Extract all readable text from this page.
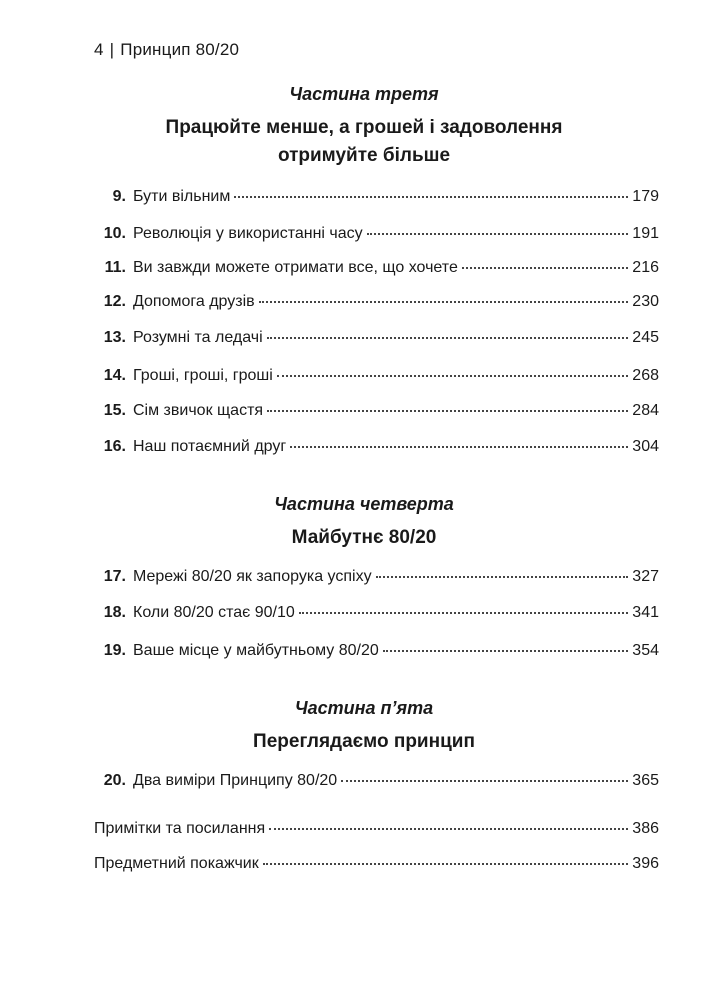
4 | Принцип 80/20
Частина третя
Працюйте менше, а грошей і задоволення
отримуйте більше
9. Бути вільним	179
10. Революція у використанні часу	191
11. Ви завжди можете отримати все, що хочете	216
12. Допомога друзів	230
13. Розумні та ледачі	245
14. Гроші, гроші, гроші	268
15. Сім звичок щастя	284
16. Наш потаємний друг	304
Частина четверта
Майбутнє 80/20
17. Мережі 80/20 як запорука успіху	327
18. Коли 80/20 стає 90/10	341
19. Ваше місце у майбутньому 80/20	354
Частина п’ята
Переглядаємо принцип
20. Два виміри Принципу 80/20	365
Примітки та посилання	386
Предметний покажчик	396
